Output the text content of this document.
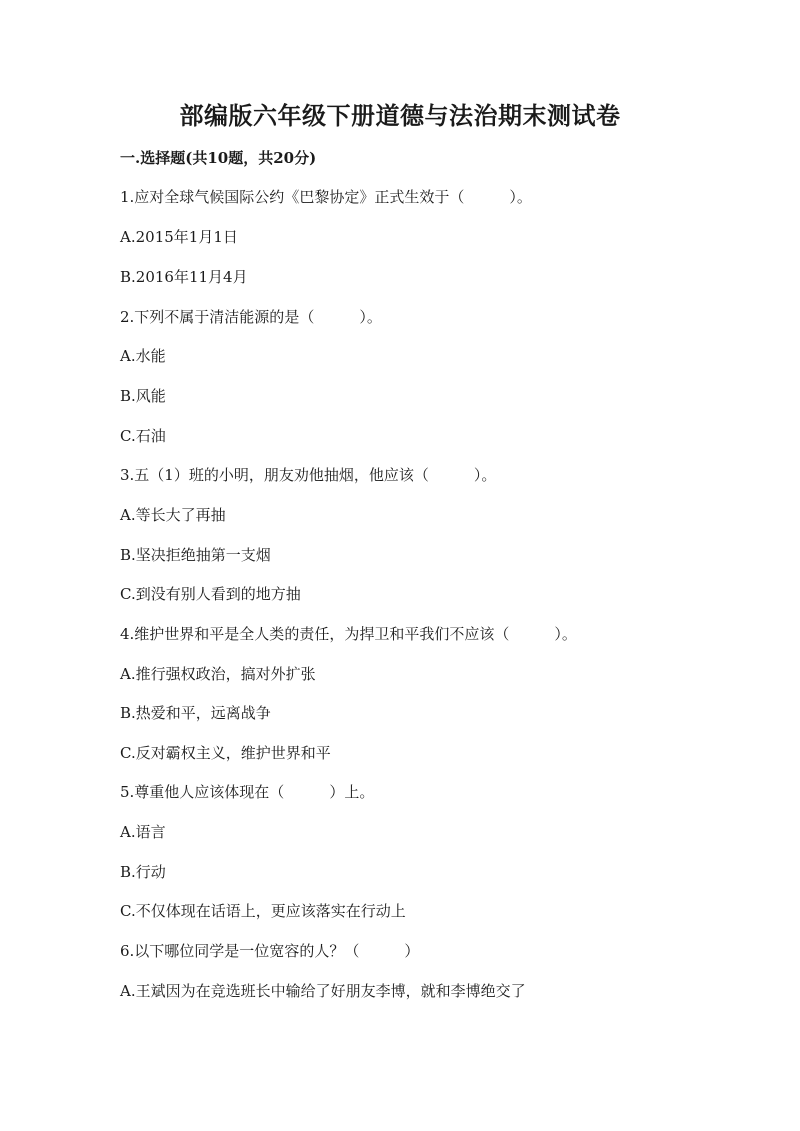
部编版六年级下册道德与法治期末测试卷
一.选择题(共10题，共20分)
1.应对全球气候国际公约《巴黎协定》正式生效于（　　　）。
A.2015年1月1日
B.2016年11月4月
2.下列不属于清洁能源的是（　　　）。
A.水能
B.风能
C.石油
3.五（1）班的小明，朋友劝他抽烟，他应该（　　　）。
A.等长大了再抽
B.坚决拒绝抽第一支烟
C.到没有别人看到的地方抽
4.维护世界和平是全人类的责任，为捍卫和平我们不应该（　　　）。
A.推行强权政治，搞对外扩张
B.热爱和平，远离战争
C.反对霸权主义，维护世界和平
5.尊重他人应该体现在（　　　）上。
A.语言
B.行动
C.不仅体现在话语上，更应该落实在行动上
6.以下哪位同学是一位宽容的人？（　　　）
A.王斌因为在竞选班长中输给了好朋友李博，就和李博绝交了
